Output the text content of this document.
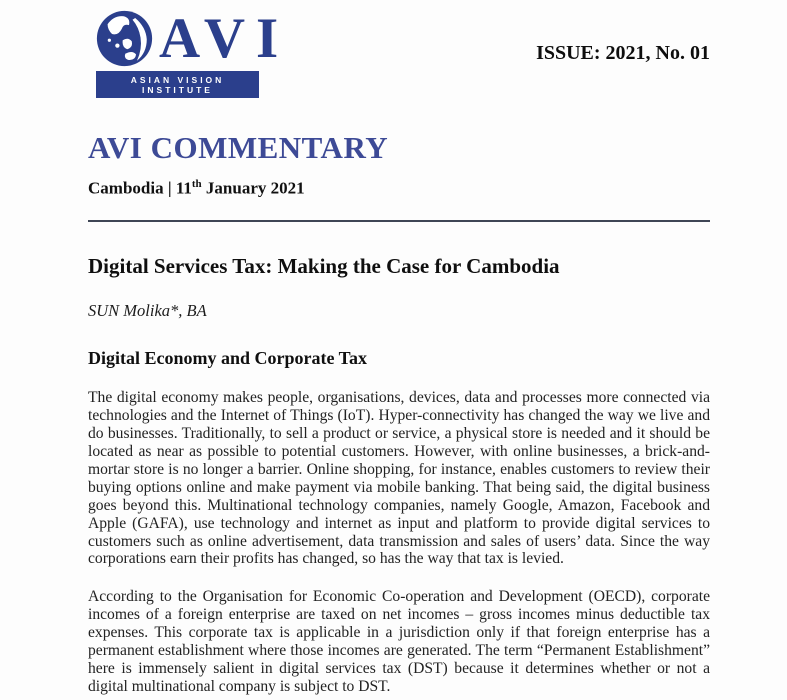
AVI
ASIAN VISION INSTITUTE
ISSUE: 2021, No. 01
AVI COMMENTARY

Cambodia | 11th January 2021

Digital Services Tax: Making the Case for Cambodia

SUN Molika*, BA

Digital Economy and Corporate Tax

The digital economy makes people, organisations, devices, data and processes more connected via technologies and the Internet of Things (IoT). Hyper-connectivity has changed the way we live and do businesses. Traditionally, to sell a product or service, a physical store is needed and it should be located as near as possible to potential customers. However, with online businesses, a brick-and-mortar store is no longer a barrier. Online shopping, for instance, enables customers to review their buying options online and make payment via mobile banking. That being said, the digital business goes beyond this. Multinational technology companies, namely Google, Amazon, Facebook and Apple (GAFA), use technology and internet as input and platform to provide digital services to customers such as online advertisement, data transmission and sales of users’ data. Since the way corporations earn their profits has changed, so has the way that tax is levied.

According to the Organisation for Economic Co-operation and Development (OECD), corporate incomes of a foreign enterprise are taxed on net incomes – gross incomes minus deductible tax expenses. This corporate tax is applicable in a jurisdiction only if that foreign enterprise has a permanent establishment where those incomes are generated. The term “Permanent Establishment” here is immensely salient in digital services tax (DST) because it determines whether or not a digital multinational company is subject to DST.
